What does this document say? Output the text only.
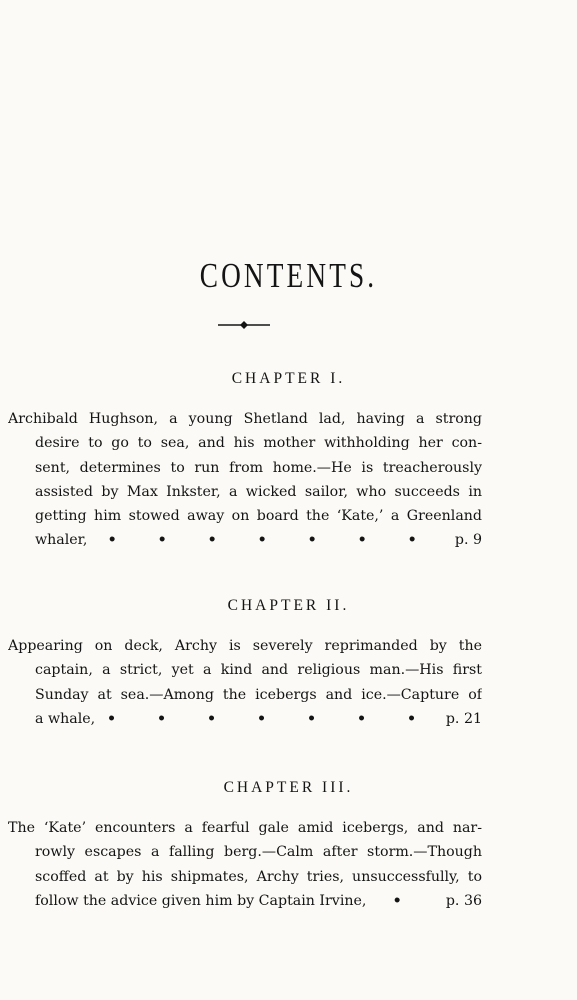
CONTENTS.
CHAPTER I.
Archibald Hughson, a young Shetland lad, having a strong
desire to go to sea, and his mother withholding her con-
sent, determines to run from home.—He is treacherously
assisted by Max Inkster, a wicked sailor, who succeeds in
getting him stowed away on board the ‘Kate,’ a Greenland
whaler,	• • • • • • •	p. 9
CHAPTER II.
Appearing on deck, Archy is severely reprimanded by the
captain, a strict, yet a kind and religious man.—His first
Sunday at sea.—Among the icebergs and ice.—Capture of
a whale, • • • • • • • p. 21
CHAPTER III.
The ‘Kate’ encounters a fearful gale amid icebergs, and nar-
rowly escapes a falling berg.—Calm after storm.—Though
scoffed at by his shipmates, Archy tries, unsuccessfully, to
follow the advice given him by Captain Irvine,	•	p. 36
